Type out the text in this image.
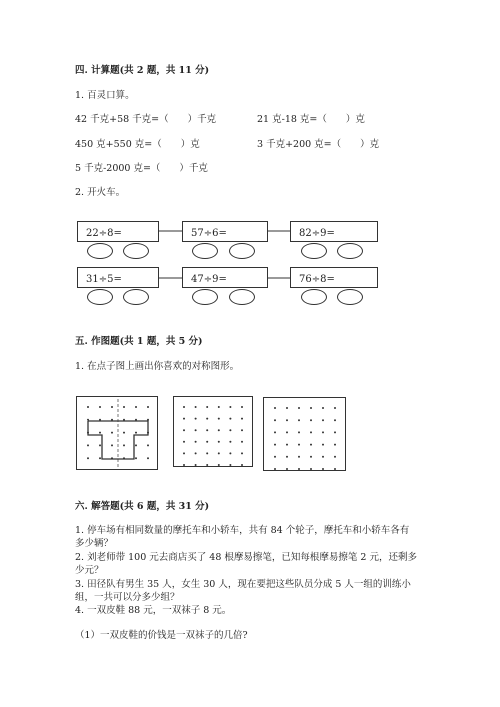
四. 计算题(共 2 题，共 11 分)
1. 百灵口算。
42 千克+58 千克=（　　）千克	21 克-18 克=（　　）克
450 克+550 克=（　　）克	3 千克+200 克=（　　）克
5 千克-2000 克=（　　）千克
2. 开火车。
22÷8=	57÷6=	82÷9=
31÷5=	47÷9=	76÷8=
五. 作图题(共 1 题，共 5 分)
1. 在点子图上画出你喜欢的对称图形。
六. 解答题(共 6 题，共 31 分)
1. 停车场有相同数量的摩托车和小轿车，共有 84 个轮子，摩托车和小轿车各有
多少辆？
2. 刘老师带 100 元去商店买了 48 根摩易擦笔，已知每根摩易擦笔 2 元，还剩多
少元？
3. 田径队有男生 35 人，女生 30 人，现在要把这些队员分成 5 人一组的训练小
组，一共可以分多少组？
4. 一双皮鞋 88 元，一双袜子 8 元。
（1）一双皮鞋的价钱是一双袜子的几倍?
